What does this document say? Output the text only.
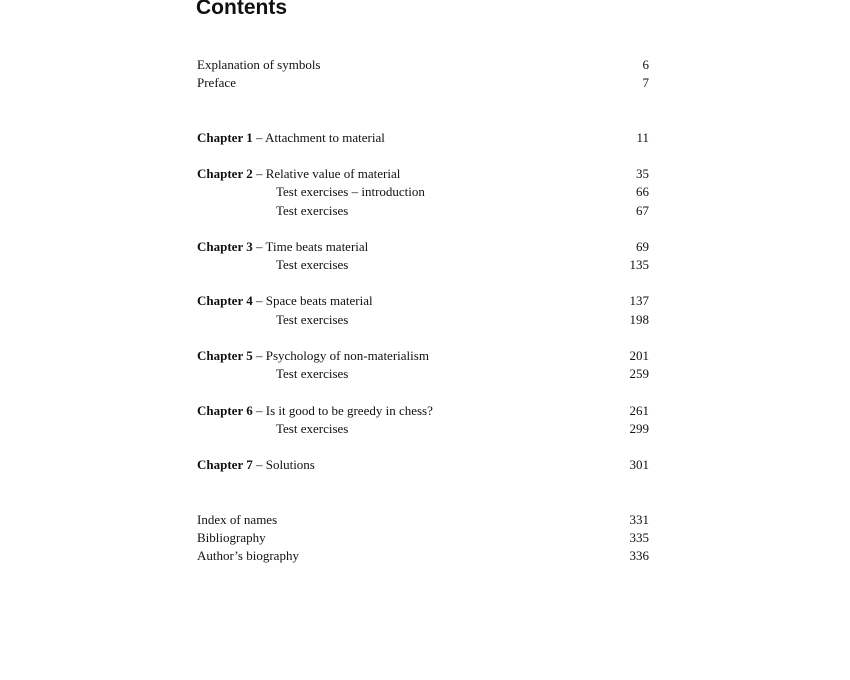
Contents
Explanation of symbols	6
Preface	7
Chapter 1 – Attachment to material	11
Chapter 2 – Relative value of material	35
Test exercises – introduction	66
Test exercises	67
Chapter 3 – Time beats material	69
Test exercises	135
Chapter 4 – Space beats material	137
Test exercises	198
Chapter 5 – Psychology of non-materialism	201
Test exercises	259
Chapter 6 – Is it good to be greedy in chess?	261
Test exercises	299
Chapter 7 – Solutions	301
Index of names	331
Bibliography	335
Author’s biography	336
